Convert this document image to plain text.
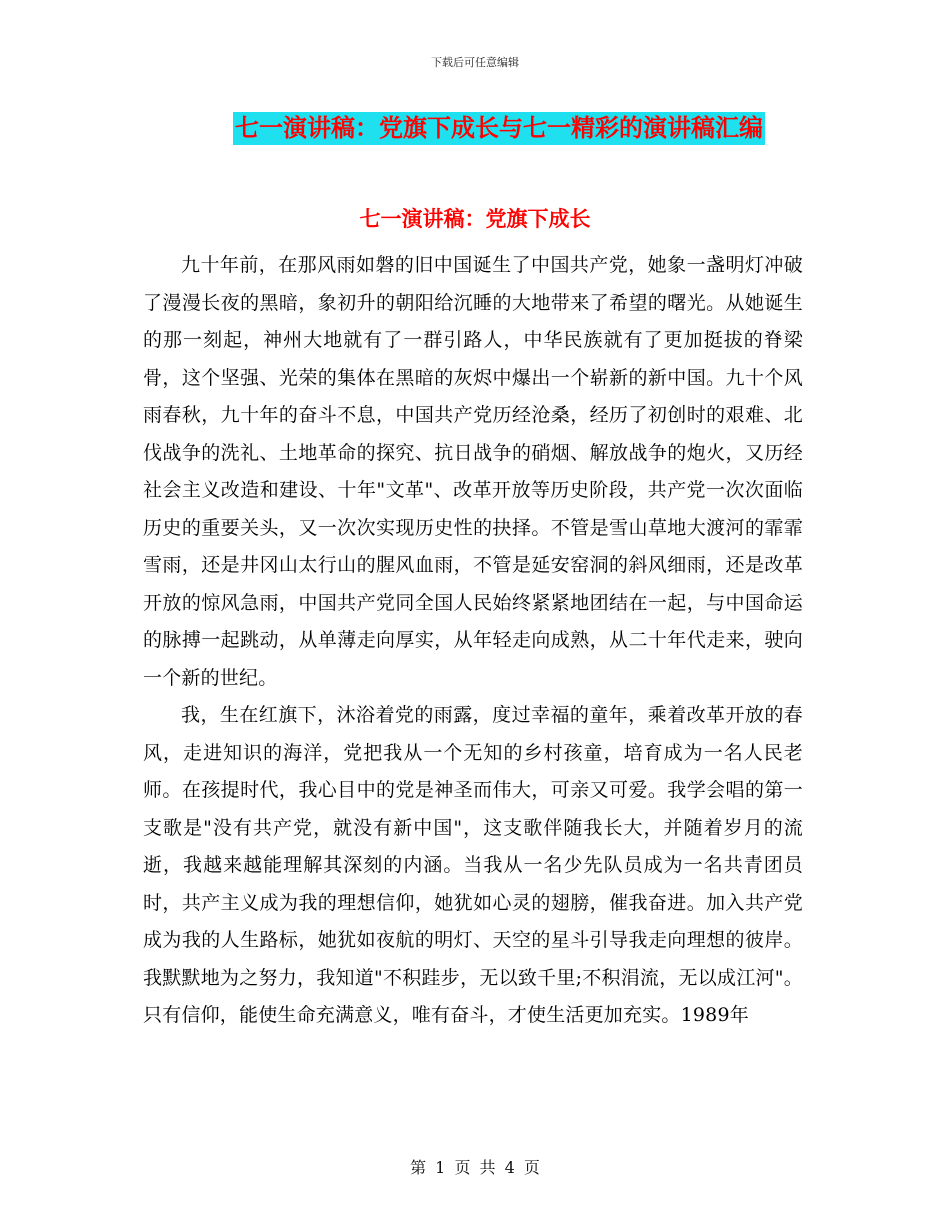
下载后可任意编辑
七一演讲稿：党旗下成长与七一精彩的演讲稿汇编
七一演讲稿：党旗下成长

九十年前，在那风雨如磐的旧中国诞生了中国共产党，她象一盏明灯冲破了漫漫长夜的黑暗，象初升的朝阳给沉睡的大地带来了希望的曙光。从她诞生的那一刻起，神州大地就有了一群引路人，中华民族就有了更加挺拔的脊梁骨，这个坚强、光荣的集体在黑暗的灰烬中爆出一个崭新的新中国。九十个风雨春秋，九十年的奋斗不息，中国共产党历经沧桑，经历了初创时的艰难、北伐战争的洗礼、土地革命的探究、抗日战争的硝烟、解放战争的炮火，又历经社会主义改造和建设、十年"文革"、改革开放等历史阶段，共产党一次次面临历史的重要关头，又一次次实现历史性的抉择。不管是雪山草地大渡河的霏霏雪雨，还是井冈山太行山的腥风血雨，不管是延安窑洞的斜风细雨，还是改革开放的惊风急雨，中国共产党同全国人民始终紧紧地团结在一起，与中国命运的脉搏一起跳动，从单薄走向厚实，从年轻走向成熟，从二十年代走来，驶向一个新的世纪。

我，生在红旗下，沐浴着党的雨露，度过幸福的童年，乘着改革开放的春风，走进知识的海洋，党把我从一个无知的乡村孩童，培育成为一名人民老师。在孩提时代，我心目中的党是神圣而伟大，可亲又可爱。我学会唱的第一支歌是"没有共产党，就没有新中国"，这支歌伴随我长大，并随着岁月的流逝，我越来越能理解其深刻的内涵。当我从一名少先队员成为一名共青团员时，共产主义成为我的理想信仰，她犹如心灵的翅膀，催我奋进。加入共产党成为我的人生路标，她犹如夜航的明灯、天空的星斗引导我走向理想的彼岸。我默默地为之努力，我知道"不积跬步，无以致千里;不积涓流，无以成江河"。只有信仰，能使生命充满意义，唯有奋斗，才使生活更加充实。1989年

第 1 页 共 4 页
